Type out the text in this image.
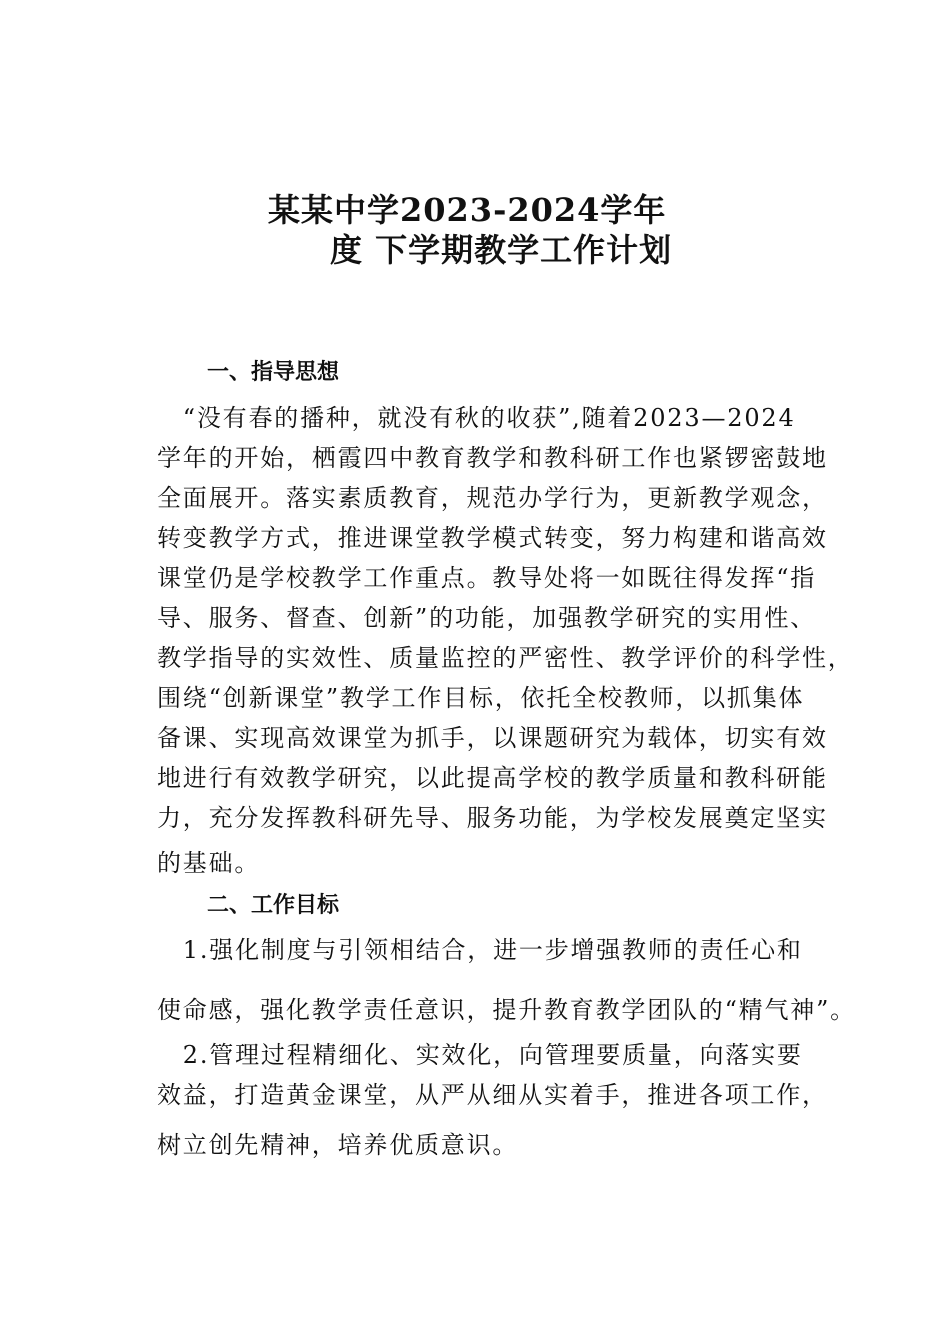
某某中学2023-2024学年
度 下学期教学工作计划
一、指导思想
　“没有春的播种，就没有秋的收获”,随着2023—2024
学年的开始，栖霞四中教育教学和教科研工作也紧锣密鼓地
全面展开。落实素质教育，规范办学行为，更新教学观念，
转变教学方式，推进课堂教学模式转变，努力构建和谐高效
课堂仍是学校教学工作重点。教导处将一如既往得发挥“指
导、服务、督查、创新”的功能，加强教学研究的实用性、
教学指导的实效性、质量监控的严密性、教学评价的科学性，
围绕“创新课堂”教学工作目标，依托全校教师，以抓集体
备课、实现高效课堂为抓手，以课题研究为载体，切实有效
地进行有效教学研究，以此提高学校的教学质量和教科研能
力，充分发挥教科研先导、服务功能，为学校发展奠定坚实
的基础。
二、工作目标
　1.强化制度与引领相结合，进一步增强教师的责任心和
使命感，强化教学责任意识，提升教育教学团队的“精气神”。
　2.管理过程精细化、实效化，向管理要质量，向落实要
效益，打造黄金课堂，从严从细从实着手，推进各项工作，
树立创先精神，培养优质意识。
